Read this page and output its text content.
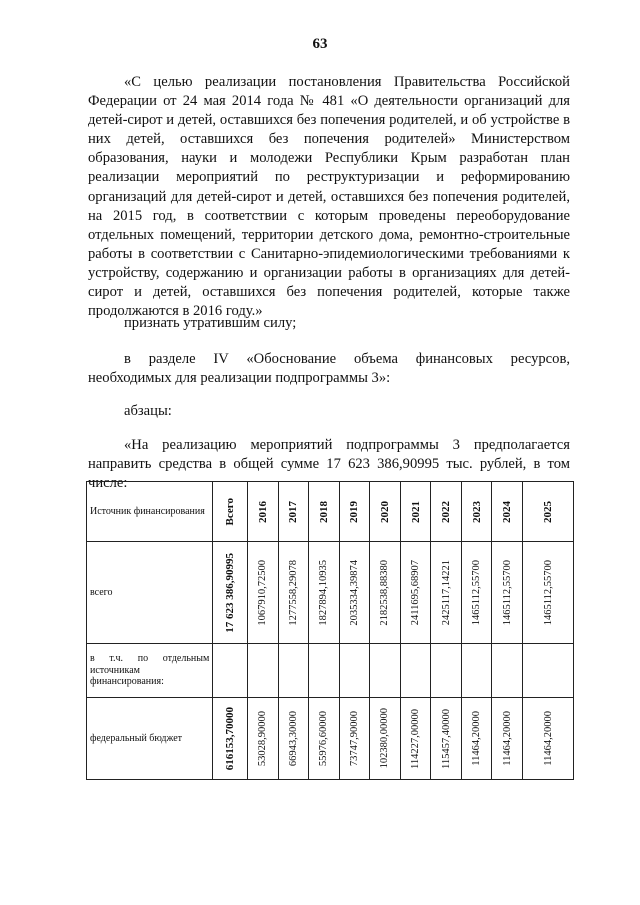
63

«С целью реализации постановления Правительства Российской Федерации от 24 мая 2014 года № 481 «О деятельности организаций для детей-сирот и детей, оставшихся без попечения родителей, и об устройстве в них детей, оставшихся без попечения родителей» Министерством образования, науки и молодежи Республики Крым разработан план реализации мероприятий по реструктуризации и реформированию организаций для детей-сирот и детей, оставшихся без попечения родителей, на 2015 год, в соответствии с которым проведены переоборудование отдельных помещений, территории детского дома, ремонтно-строительные работы в соответствии с Санитарно-эпидемиологическими требованиями к устройству, содержанию и организации работы в организациях для детей-сирот и детей, оставшихся без попечения родителей, которые также продолжаются в 2016 году.»

признать утратившим силу;

в разделе IV «Обоснование объема финансовых ресурсов, необходимых для реализации подпрограммы 3»:

абзацы:

«На реализацию мероприятий подпрограммы 3 предполагается направить средства в общей сумме 17 623 386,90995 тыс. рублей, в том числе:

Источник финансирования	Всего	2016	2017	2018	2019	2020	2021	2022	2023	2024	2025

всего	17 623 386,90995	1067910,72500	1277558,29078	1827894,10935	2035334,39874	2182538,88380	2411695,68907	2425117,14221	1465112,55700	1465112,55700	1465112,55700

в т.ч. по отдельным источникам финансирования:											
федеральный бюджет	616153,70000	53028,90000	66943,30000	55976,60000	73747,90000	102380,00000	114227,00000	115457,40000	11464,20000	11464,20000	11464,20000
